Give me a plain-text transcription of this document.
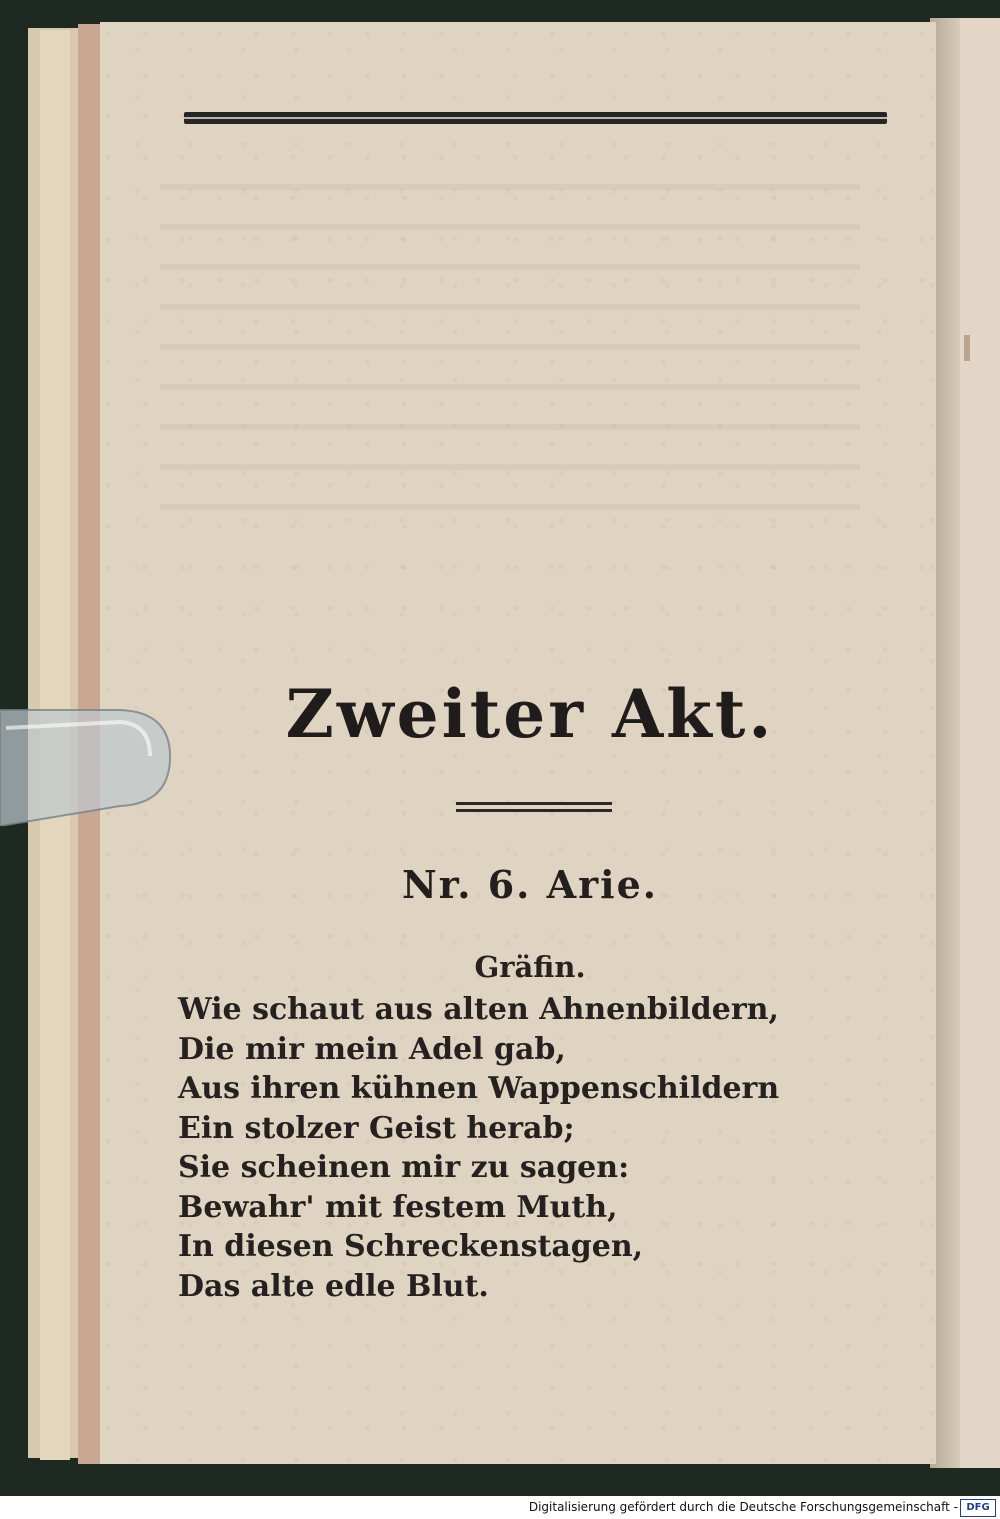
Zweiter Akt.
Nr. 6. Arie.
Gräfin.
Wie schaut aus alten Ahnenbildern,
Die mir mein Adel gab,
Aus ihren kühnen Wappenschildern
Ein stolzer Geist herab;
Sie scheinen mir zu sagen:
Bewahr' mit festem Muth,
In diesen Schreckenstagen,
Das alte edle Blut.
Digitalisierung gefördert durch die Deutsche Forschungsgemeinschaft - DFG
